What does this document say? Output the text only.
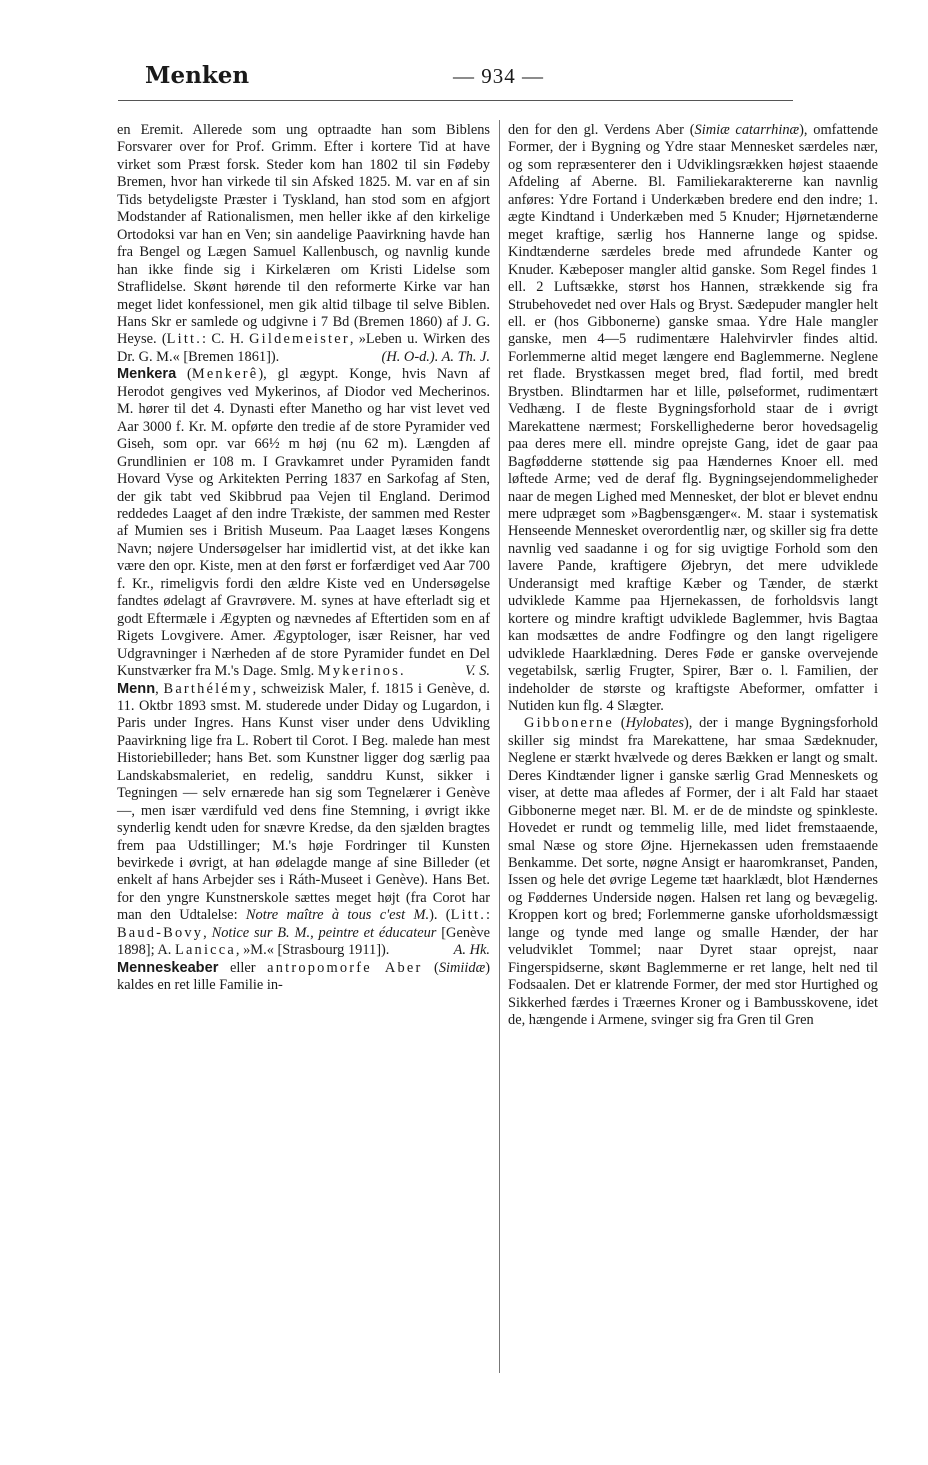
Menken	— 934 —

en Eremit. Allerede som ung optraadte han som Biblens Forsvarer over for Prof. Grimm. Efter i kortere Tid at have virket som Præst forsk. Steder kom han 1802 til sin Fødeby Bremen, hvor han virkede til sin Afsked 1825. M. var en af sin Tids betydeligste Præster i Tyskland, han stod som en afgjort Modstander af Rationalismen, men heller ikke af den kirkelige Ortodoksi var han en Ven; sin aandelige Paavirkning havde han fra Bengel og Lægen Samuel Kallenbusch, og navnlig kunde han ikke finde sig i Kirkelæren om Kristi Lidelse som Straflidelse. Skønt hørende til den reformerte Kirke var han meget lidet konfessionel, men gik altid tilbage til selve Biblen. Hans Skr er samlede og udgivne i 7 Bd (Bremen 1860) af J. G. Heyse. (Litt.: C. H. Gildemeister, »Leben u. Wirken des Dr. G. M.« [Bremen 1861]).	(H. O-d.). A. Th. J.

Menkera (Menkerê), gl ægypt. Konge, hvis Navn af Herodot gengives ved Mykerinos, af Diodor ved Mecherinos. M. hører til det 4. Dynasti efter Manetho og har vist levet ved Aar 3000 f. Kr. M. opførte den tredie af de store Pyramider ved Giseh, som opr. var 66½ m høj (nu 62 m). Længden af Grundlinien er 108 m. I Gravkamret under Pyramiden fandt Hovard Vyse og Arkitekten Perring 1837 en Sarkofag af Sten, der gik tabt ved Skibbrud paa Vejen til England. Derimod reddedes Laaget af den indre Trækiste, der sammen med Rester af Mumien ses i British Museum. Paa Laaget læses Kongens Navn; nøjere Undersøgelser har imidlertid vist, at det ikke kan være den opr. Kiste, men at den først er forfærdiget ved Aar 700 f. Kr., rimeligvis fordi den ældre Kiste ved en Undersøgelse fandtes ødelagt af Gravrøvere. M. synes at have efterladt sig et godt Eftermæle i Ægypten og nævnedes af Eftertiden som en af Rigets Lovgivere. Amer. Ægyptologer, især Reisner, har ved Udgravninger i Nærheden af de store Pyramider fundet en Del Kunstværker fra M.'s Dage. Smlg. Mykerinos.	V. S.

Menn, Barthélémy, schweizisk Maler, f. 1815 i Genève, d. 11. Oktbr 1893 smst. M. studerede under Diday og Lugardon, i Paris under Ingres. Hans Kunst viser under dens Udvikling Paavirkning lige fra L. Robert til Corot. I Beg. malede han mest Historiebilleder; hans Bet. som Kunstner ligger dog særlig paa Landskabsmaleriet, en redelig, sanddru Kunst, sikker i Tegningen — selv ernærede han sig som Tegnelærer i Genève —, men især værdifuld ved dens fine Stemning, i øvrigt ikke synderlig kendt uden for snævre Kredse, da den sjælden bragtes frem paa Udstillinger; M.'s høje Fordringer til Kunsten bevirkede i øvrigt, at han ødelagde mange af sine Billeder (et enkelt af hans Arbejder ses i Ráth-Museet i Genève). Hans Bet. for den yngre Kunstnerskole sættes meget højt (fra Corot har man den Udtalelse: Notre maître à tous c'est M.). (Litt.: Baud-Bovy, Notice sur B. M., peintre et éducateur [Genève 1898]; A. Lanicca, »M.« [Strasbourg 1911]).	A. Hk.

Menneskeaber eller antropomorfe Aber (Simiidæ) kaldes en ret lille Familie in-

den for den gl. Verdens Aber (Simiæ catarrhinæ), omfattende Former, der i Bygning og Ydre staar Mennesket særdeles nær, og som repræsenterer den i Udviklingsrækken højest staaende Afdeling af Aberne. Bl. Familiekaraktererne kan navnlig anføres: Ydre Fortand i Underkæben bredere end den indre; 1. ægte Kindtand i Underkæben med 5 Knuder; Hjørnetænderne meget kraftige, særlig hos Hannerne lange og spidse. Kindtænderne særdeles brede med afrundede Kanter og Knuder. Kæbeposer mangler altid ganske. Som Regel findes 1 ell. 2 Luftsække, størst hos Hannen, strækkende sig fra Strubehovedet ned over Hals og Bryst. Sædepuder mangler helt ell. er (hos Gibbonerne) ganske smaa. Ydre Hale mangler ganske, men 4—5 rudimentære Halehvirvler findes altid. Forlemmerne altid meget længere end Baglemmerne. Neglene ret flade. Brystkassen meget bred, flad fortil, med bredt Brystben. Blindtarmen har et lille, pølseformet, rudimentært Vedhæng. I de fleste Bygningsforhold staar de i øvrigt Marekattene nærmest; Forskellighederne beror hovedsagelig paa deres mere ell. mindre oprejste Gang, idet de gaar paa Bagfødderne støttende sig paa Hændernes Knoer ell. med løftede Arme; ved de deraf flg. Bygningsejendommeligheder naar de megen Lighed med Mennesket, der blot er blevet endnu mere udpræget som »Bagbensgænger«. M. staar i systematisk Henseende Mennesket overordentlig nær, og skiller sig fra dette navnlig ved saadanne i og for sig uvigtige Forhold som den lavere Pande, kraftigere Øjebryn, det mere udviklede Underansigt med kraftige Kæber og Tænder, de stærkt udviklede Kamme paa Hjernekassen, de forholdsvis langt kortere og mindre kraftigt udviklede Baglemmer, hvis Bagtaa kan modsættes de andre Fodfingre og den langt rigeligere udviklede Haarklædning. Deres Føde er ganske overvejende vegetabilsk, særlig Frugter, Spirer, Bær o. l. Familien, der indeholder de største og kraftigste Abeformer, omfatter i Nutiden kun flg. 4 Slægter.

Gibbonerne (Hylobates), der i mange Bygningsforhold skiller sig mindst fra Marekattene, har smaa Sædeknuder, Neglene er stærkt hvælvede og deres Bækken er langt og smalt. Deres Kindtænder ligner i ganske særlig Grad Menneskets og viser, at dette maa afledes af Former, der i alt Fald har staaet Gibbonerne meget nær. Bl. M. er de de mindste og spinkleste. Hovedet er rundt og temmelig lille, med lidet fremstaaende, smal Næse og store Øjne. Hjernekassen uden fremstaaende Benkamme. Det sorte, nøgne Ansigt er haaromkranset, Panden, Issen og hele det øvrige Legeme tæt haarklædt, blot Hændernes og Føddernes Underside nøgen. Halsen ret lang og bevægelig. Kroppen kort og bred; Forlemmerne ganske uforholdsmæssigt lange og tynde med lange og smalle Hænder, der har veludviklet Tommel; naar Dyret staar oprejst, naar Fingerspidserne, skønt Baglemmerne er ret lange, helt ned til Fodsaalen. Det er klatrende Former, der med stor Hurtighed og Sikkerhed færdes i Træernes Kroner og i Bambusskovene, idet de, hængende i Armene, svinger sig fra Gren til Gren
